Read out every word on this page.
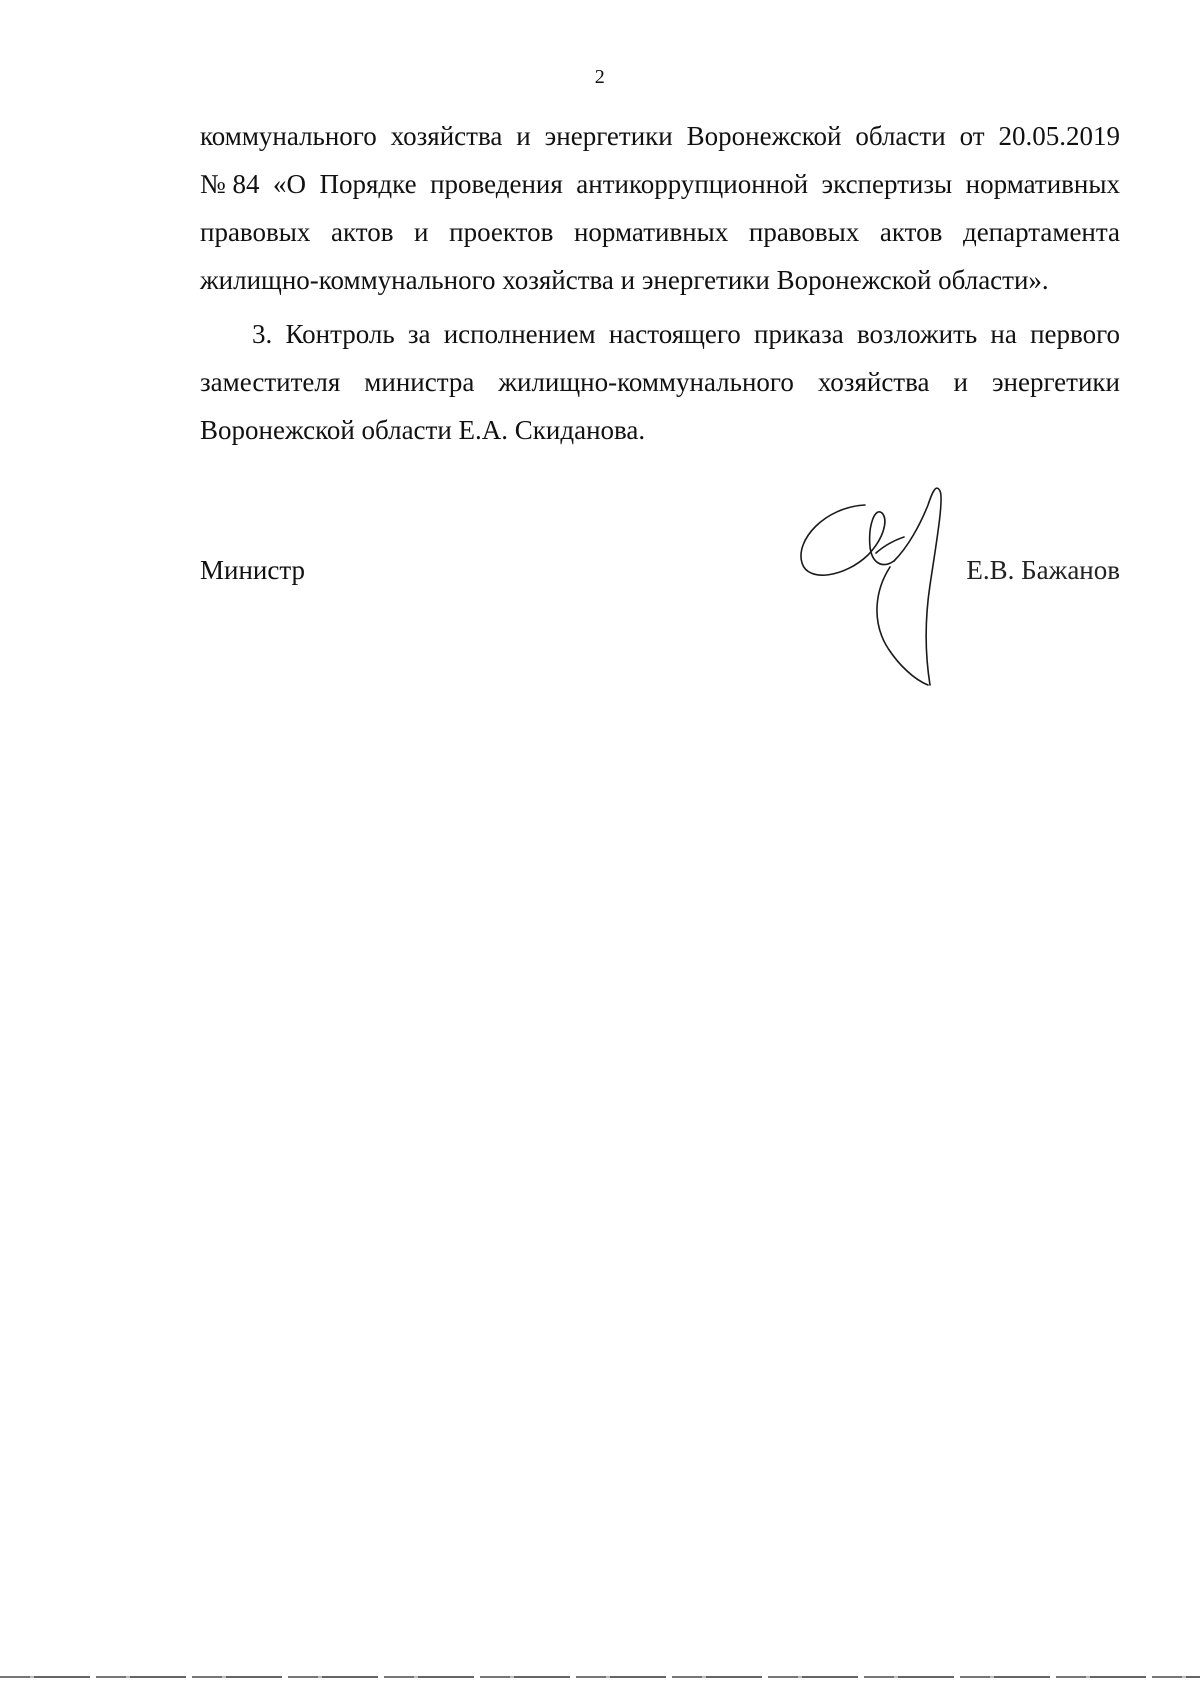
2

коммунального хозяйства и энергетики Воронежской области от 20.05.2019 №84 «О Порядке проведения антикоррупционной экспертизы нормативных правовых актов и проектов нормативных правовых актов департамента жилищно-коммунального хозяйства и энергетики Воронежской области».

3. Контроль за исполнением настоящего приказа возложить на первого заместителя министра жилищно-коммунального хозяйства и энергетики Воронежской области Е.А. Скиданова.

Министр	Е.В. Бажанов
